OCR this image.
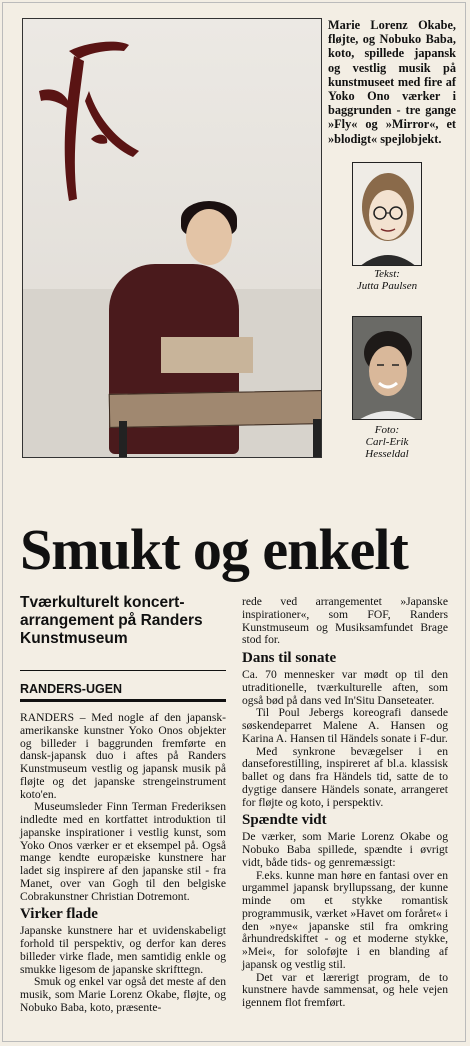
Marie Lorenz Okabe, fløjte, og Nobuko Baba, koto, spillede japansk og vestlig musik på kunstmuseet med fire af Yoko Ono værker i baggrunden - tre gange »Fly« og »Mirror«, et »blodigt« spejlobjekt.
Tekst:
Jutta Paulsen
Foto:
Carl-Erik Hesseldal
Smukt og enkelt
Tværkulturelt koncert-arrangement på Randers Kunstmuseum
RANDERS-UGEN

RANDERS – Med nogle af den japansk-amerikanske kunstner Yoko Onos objekter og billeder i baggrunden fremførte en dansk-japansk duo i aftes på Randers Kunstmuseum vestlig og japansk musik på fløjte og det japanske strengeinstrument koto'en.

Museumsleder Finn Terman Frederiksen indledte med en kortfattet introduktion til japanske inspirationer i vestlig kunst, som Yoko Onos værker er et eksempel på. Også mange kendte europæiske kunstnere har ladet sig inspirere af den japanske stil - fra Manet, over van Gogh til den belgiske Cobrakunstner Christian Dotremont.

Virker flade

Japanske kunstnere har et uvidenskabeligt forhold til perspektiv, og derfor kan deres billeder virke flade, men samtidig enkle og smukke ligesom de japanske skrifttegn.

Smuk og enkel var også det meste af den musik, som Marie Lorenz Okabe, fløjte, og Nobuko Baba, koto, præsente-

rede ved arrangementet »Japanske inspirationer«, som FOF, Randers Kunstmuseum og Musiksamfundet Brage stod for.

Dans til sonate

Ca. 70 mennesker var mødt op til den utraditionelle, tværkulturelle aften, som også bød på dans ved In'Situ Danseteater.

Til Poul Jebergs koreografi dansede søskendeparret Malene A. Hansen og Karina A. Hansen til Händels sonate i F-dur.

Med synkrone bevægelser i en danseforestilling, inspireret af bl.a. klassisk ballet og dans fra Händels tid, satte de to dygtige dansere Händels sonate, arrangeret for fløjte og koto, i perspektiv.

Spændte vidt

De værker, som Marie Lorenz Okabe og Nobuko Baba spillede, spændte i øvrigt vidt, både tids- og genremæssigt:

F.eks. kunne man høre en fantasi over en urgammel japansk bryllupssang, der kunne minde om et stykke romantisk programmusik, værket »Havet om foråret« i den »nye« japanske stil fra omkring århundredskiftet - og et moderne stykke, »Mei«, for soloføjte i en blanding af japansk og vestlig stil.

Det var et lærerigt program, de to kunstnere havde sammensat, og hele vejen igennem flot fremført.
